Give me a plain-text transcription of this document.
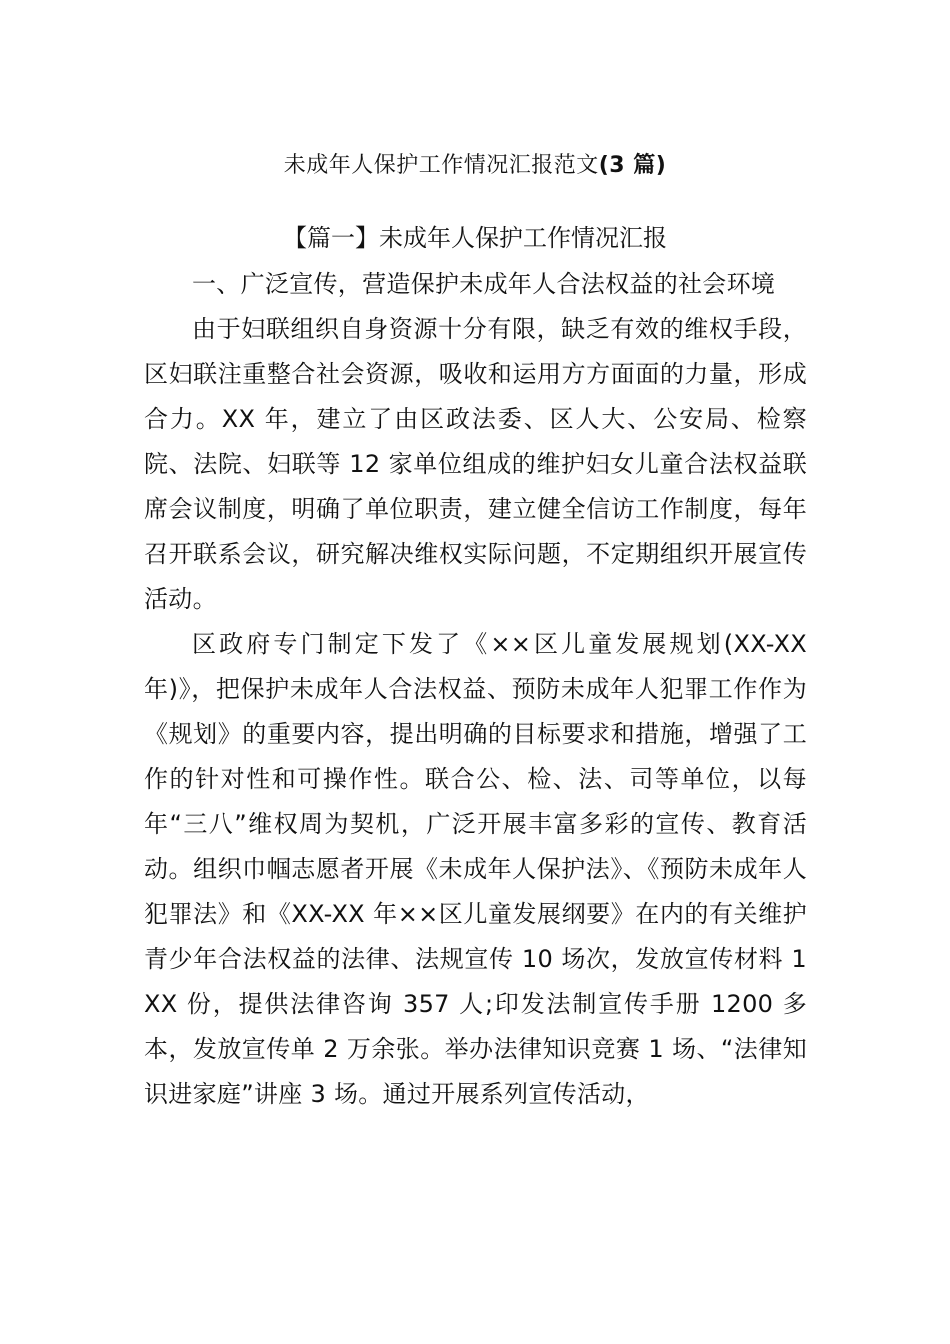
未成年人保护工作情况汇报范文(3 篇)
【篇一】未成年人保护工作情况汇报

一、广泛宣传，营造保护未成年人合法权益的社会环境

由于妇联组织自身资源十分有限，缺乏有效的维权手段，区妇联注重整合社会资源，吸收和运用方方面面的力量，形成合力。XX 年，建立了由区政法委、区人大、公安局、检察院、法院、妇联等 12 家单位组成的维护妇女儿童合法权益联席会议制度，明确了单位职责，建立健全信访工作制度，每年召开联系会议，研究解决维权实际问题，不定期组织开展宣传活动。

区政府专门制定下发了《××区儿童发展规划(XX-XX年)》，把保护未成年人合法权益、预防未成年人犯罪工作作为《规划》的重要内容，提出明确的目标要求和措施，增强了工作的针对性和可操作性。联合公、检、法、司等单位，以每年“三八”维权周为契机，广泛开展丰富多彩的宣传、教育活动。组织巾帼志愿者开展《未成年人保护法》、《预防未成年人犯罪法》和《XX-XX 年××区儿童发展纲要》在内的有关维护青少年合法权益的法律、法规宣传 10 场次，发放宣传材料 1XX 份，提供法律咨询 357 人;印发法制宣传手册 1200 多本，发放宣传单 2 万余张。举办法律知识竞赛 1 场、“法律知识进家庭”讲座 3 场。通过开展系列宣传活动，
